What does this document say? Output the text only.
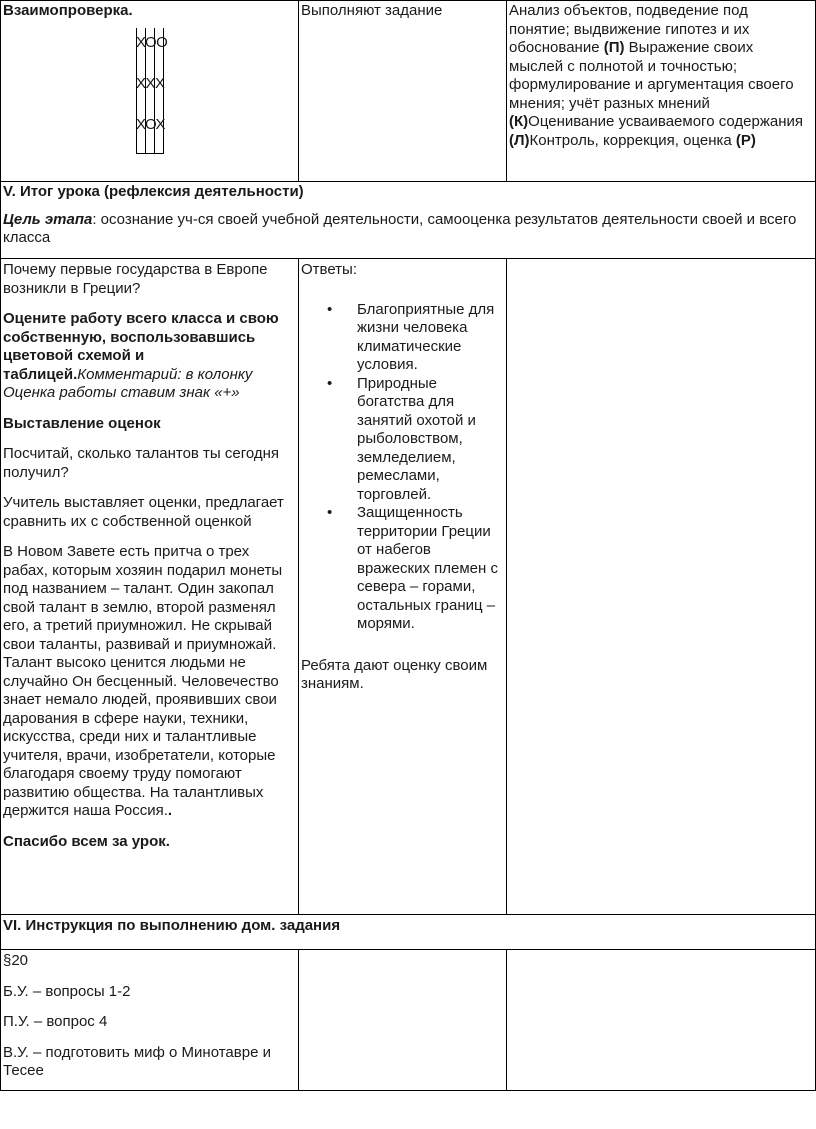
Взаимопроверка.

ХОО
ХХХ
ХОХ

Выполняют задание	Анализ объектов, подведение под понятие; выдвижение гипотез и их обоснование (П) Выражение своих мыслей с полнотой и точностью; формулирование и аргументация своего мнения; учёт разных мнений (К)Оценивание усваиваемого содержания (Л)Контроль, коррекция, оценка (Р)

V. Итог урока (рефлексия деятельности)

Цель этапа: осознание уч-ся своей учебной деятельности, самооценка результатов деятельности своей и всего класса

Почему первые государства в Европе возникли в Греции?

Оцените работу всего класса и свою собственную, воспользовавшись цветовой схемой и таблицей.Комментарий: в колонку Оценка работы ставим знак «+»

Выставление оценок

Посчитай, сколько талантов ты сегодня получил?

Учитель выставляет оценки, предлагает сравнить их с собственной оценкой

В Новом Завете есть притча о трех рабах, которым хозяин подарил монеты под названием – талант. Один закопал свой талант в землю, второй разменял его, а третий приумножил. Не скрывай свои таланты, развивай и приумножай. Талант высоко ценится людьми не случайно Он бесценный. Человечество знает немало людей, проявивших свои дарования в сфере науки, техники, искусства, среди них и талантливые учителя, врачи, изобретатели, которые благодаря своему труду помогают развитию общества. На талантливых держится наша Россия..

Спасибо всем за урок.

Ответы:

• Благоприятные для жизни человека климатические условия.
• Природные богатства для занятий охотой и рыболовством, земледелием, ремеслами, торговлей.
• Защищенность территории Греции от набегов вражеских племен с севера – горами, остальных границ – морями.

Ребята дают оценку своим знаниям.

VI. Инструкция по выполнению дом. задания

§20

Б.У. – вопросы 1-2

П.У. – вопрос 4

В.У. – подготовить миф о Минотавре и Тесее
